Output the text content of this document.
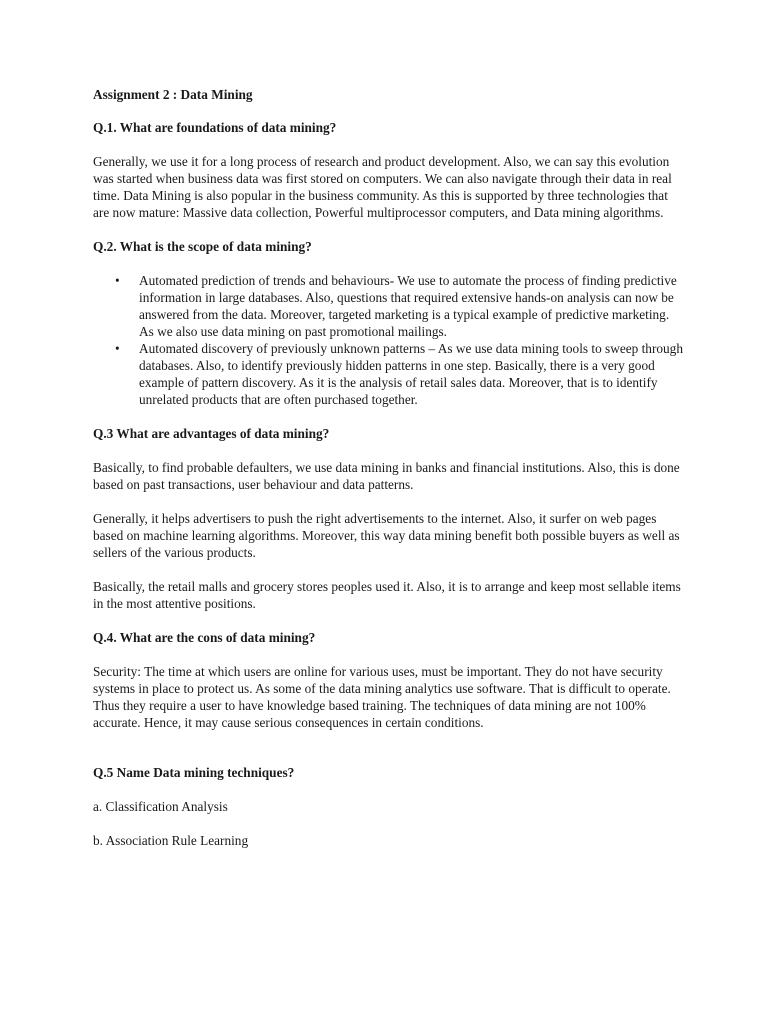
Assignment 2 : Data Mining

Q.1. What are foundations of data mining?

Generally, we use it for a long process of research and product development. Also, we can say this evolution was started when business data was first stored on computers. We can also navigate through their data in real time. Data Mining is also popular in the business community. As this is supported by three technologies that are now mature: Massive data collection, Powerful multiprocessor computers, and Data mining algorithms.

Q.2. What is the scope of data mining?

• Automated prediction of trends and behaviours- We use to automate the process of finding predictive information in large databases. Also, questions that required extensive hands-on analysis can now be answered from the data. Moreover, targeted marketing is a typical example of predictive marketing. As we also use data mining on past promotional mailings.
• Automated discovery of previously unknown patterns – As we use data mining tools to sweep through databases. Also, to identify previously hidden patterns in one step. Basically, there is a very good example of pattern discovery. As it is the analysis of retail sales data. Moreover, that is to identify unrelated products that are often purchased together.

Q.3 What are advantages of data mining?

Basically, to find probable defaulters, we use data mining in banks and financial institutions. Also, this is done based on past transactions, user behaviour and data patterns.

Generally, it helps advertisers to push the right advertisements to the internet. Also, it surfer on web pages based on machine learning algorithms. Moreover, this way data mining benefit both possible buyers as well as sellers of the various products.

Basically, the retail malls and grocery stores peoples used it. Also, it is to arrange and keep most sellable items in the most attentive positions.

Q.4. What are the cons of data mining?

Security: The time at which users are online for various uses, must be important. They do not have security systems in place to protect us. As some of the data mining analytics use software. That is difficult to operate. Thus they require a user to have knowledge based training. The techniques of data mining are not 100% accurate. Hence, it may cause serious consequences in certain conditions.

Q.5 Name Data mining techniques?

a. Classification Analysis

b. Association Rule Learning
